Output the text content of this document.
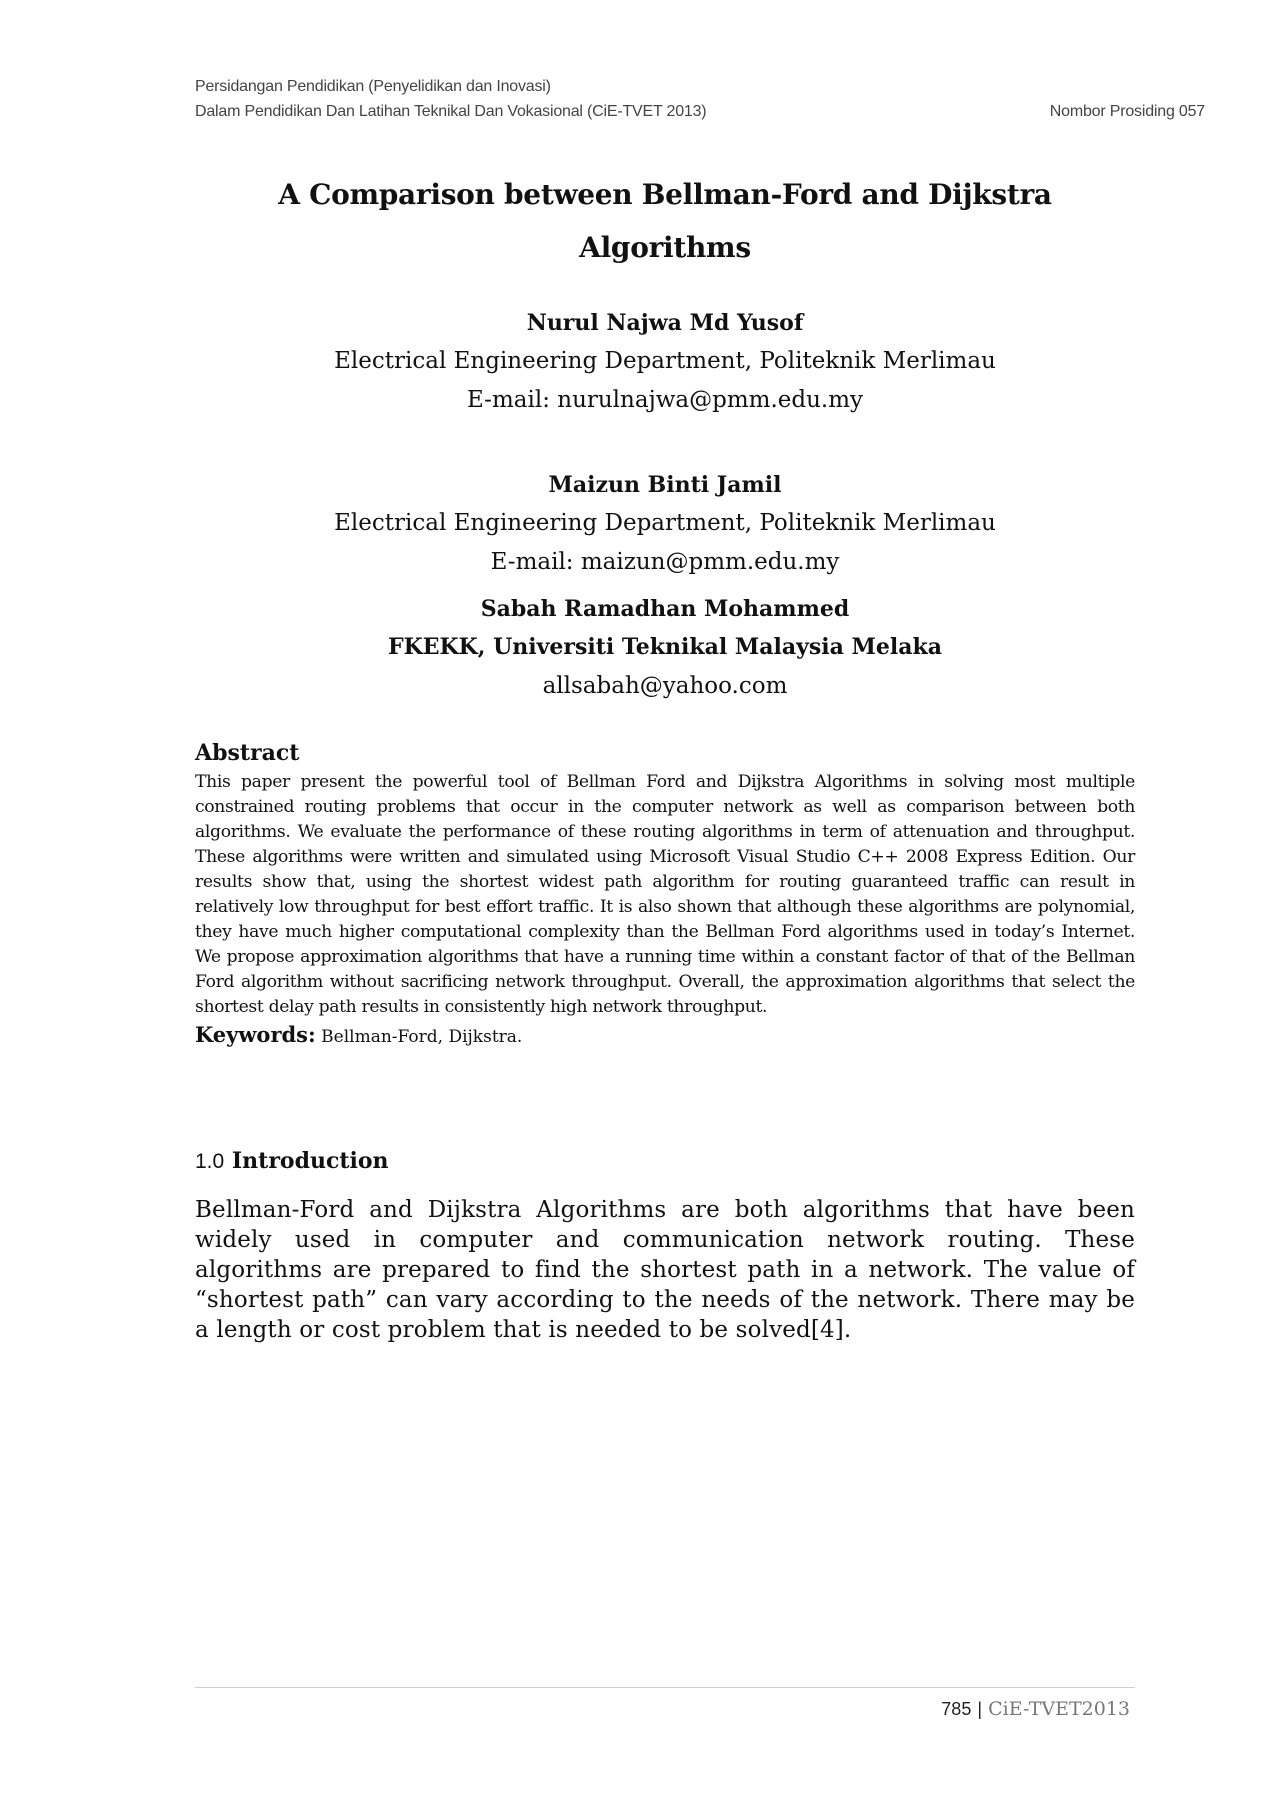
Persidangan Pendidikan (Penyelidikan dan Inovasi)
Dalam Pendidikan Dan Latihan Teknikal Dan Vokasional (CiE-TVET 2013)	Nombor Prosiding 057
A Comparison between Bellman-Ford and Dijkstra
Algorithms
Nurul Najwa Md Yusof
Electrical Engineering Department, Politeknik Merlimau
E-mail: nurulnajwa@pmm.edu.my
Maizun Binti Jamil
Electrical Engineering Department, Politeknik Merlimau
E-mail: maizun@pmm.edu.my
Sabah Ramadhan Mohammed
FKEKK, Universiti Teknikal Malaysia Melaka
allsabah@yahoo.com
Abstract

This paper present the powerful tool of Bellman Ford and Dijkstra Algorithms in solving most multiple constrained routing problems that occur in the computer network as well as comparison between both algorithms. We evaluate the performance of these routing algorithms in term of attenuation and throughput. These algorithms were written and simulated using Microsoft Visual Studio C++ 2008 Express Edition. Our results show that, using the shortest widest path algorithm for routing guaranteed traffic can result in relatively low throughput for best effort traffic. It is also shown that although these algorithms are polynomial, they have much higher computational complexity than the Bellman Ford algorithms used in today’s Internet. We propose approximation algorithms that have a running time within a constant factor of that of the Bellman Ford algorithm without sacrificing network throughput. Overall, the approximation algorithms that select the shortest delay path results in consistently high network throughput.

Keywords: Bellman-Ford, Dijkstra.
1.0 Introduction

Bellman-Ford and Dijkstra Algorithms are both algorithms that have been widely used in computer and communication network routing. These algorithms are prepared to find the shortest path in a network. The value of “shortest path” can vary according to the needs of the network. There may be a length or cost problem that is needed to be solved[4].

785 | CiE-TVET2013
